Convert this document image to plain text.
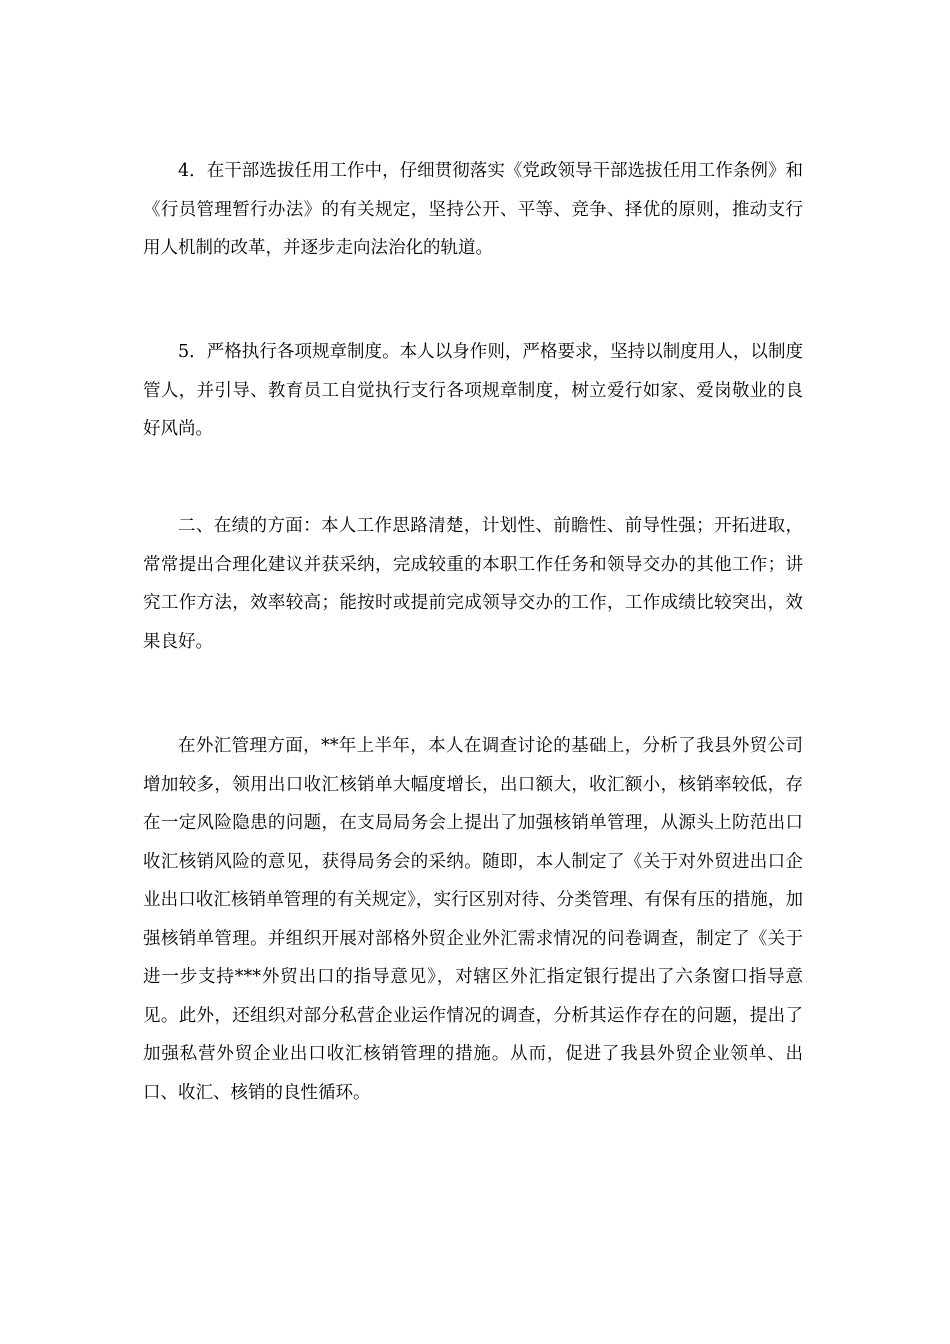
4．在干部选拔任用工作中，仔细贯彻落实《党政领导干部选拔任用工作条例》和《行员管理暂行办法》的有关规定，坚持公开、平等、竞争、择优的原则，推动支行用人机制的改革，并逐步走向法治化的轨道。

5．严格执行各项规章制度。本人以身作则，严格要求，坚持以制度用人，以制度管人，并引导、教育员工自觉执行支行各项规章制度，树立爱行如家、爱岗敬业的良好风尚。

二、在绩的方面：本人工作思路清楚，计划性、前瞻性、前导性强；开拓进取，常常提出合理化建议并获采纳，完成较重的本职工作任务和领导交办的其他工作；讲究工作方法，效率较高；能按时或提前完成领导交办的工作，工作成绩比较突出，效果良好。

在外汇管理方面，**年上半年，本人在调查讨论的基础上，分析了我县外贸公司增加较多，领用出口收汇核销单大幅度增长，出口额大，收汇额小，核销率较低，存在一定风险隐患的问题，在支局局务会上提出了加强核销单管理，从源头上防范出口收汇核销风险的意见，获得局务会的采纳。随即，本人制定了《关于对外贸进出口企业出口收汇核销单管理的有关规定》，实行区别对待、分类管理、有保有压的措施，加强核销单管理。并组织开展对部格外贸企业外汇需求情况的问卷调查，制定了《关于进一步支持***外贸出口的指导意见》，对辖区外汇指定银行提出了六条窗口指导意见。此外，还组织对部分私营企业运作情况的调查，分析其运作存在的问题，提出了加强私营外贸企业出口收汇核销管理的措施。从而，促进了我县外贸企业领单、出口、收汇、核销的良性循环。
